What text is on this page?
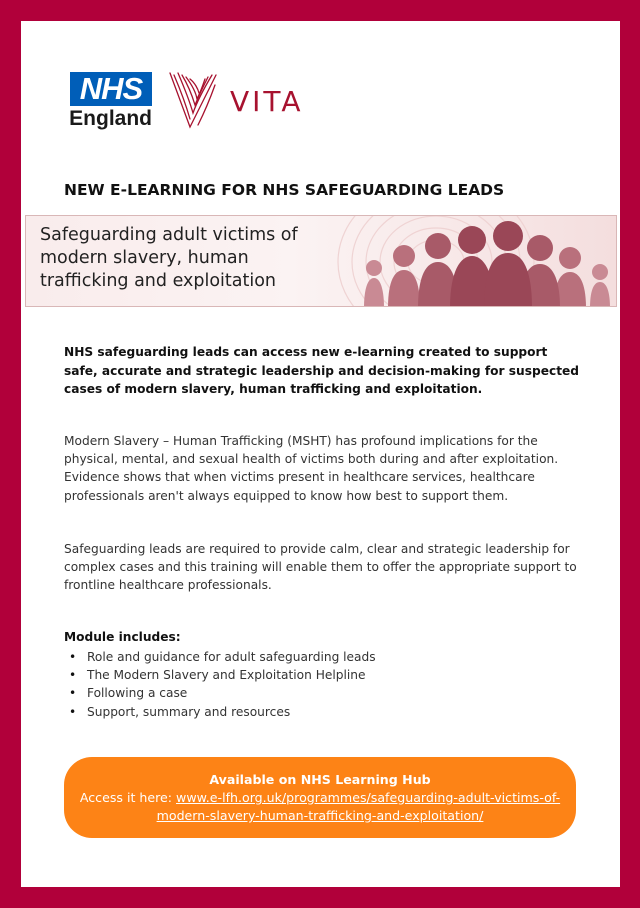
NHS
England
VITA
NEW E-LEARNING FOR NHS SAFEGUARDING LEADS
Safeguarding adult victims of modern slavery, human trafficking and exploitation

NHS safeguarding leads can access new e-learning created to support safe, accurate and strategic leadership and decision-making for suspected cases of modern slavery, human trafficking and exploitation.

Modern Slavery – Human Trafficking (MSHT) has profound implications for the physical, mental, and sexual health of victims both during and after exploitation. Evidence shows that when victims present in healthcare services, healthcare professionals aren't always equipped to know how best to support them.

Safeguarding leads are required to provide calm, clear and strategic leadership for complex cases and this training will enable them to offer the appropriate support to frontline healthcare professionals.

Module includes:
• Role and guidance for adult safeguarding leads
• The Modern Slavery and Exploitation Helpline
• Following a case
• Support, summary and resources
Available on NHS Learning Hub
Access it here: www.e-lfh.org.uk/programmes/safeguarding-adult-victims-of-
modern-slavery-human-trafficking-and-exploitation/
